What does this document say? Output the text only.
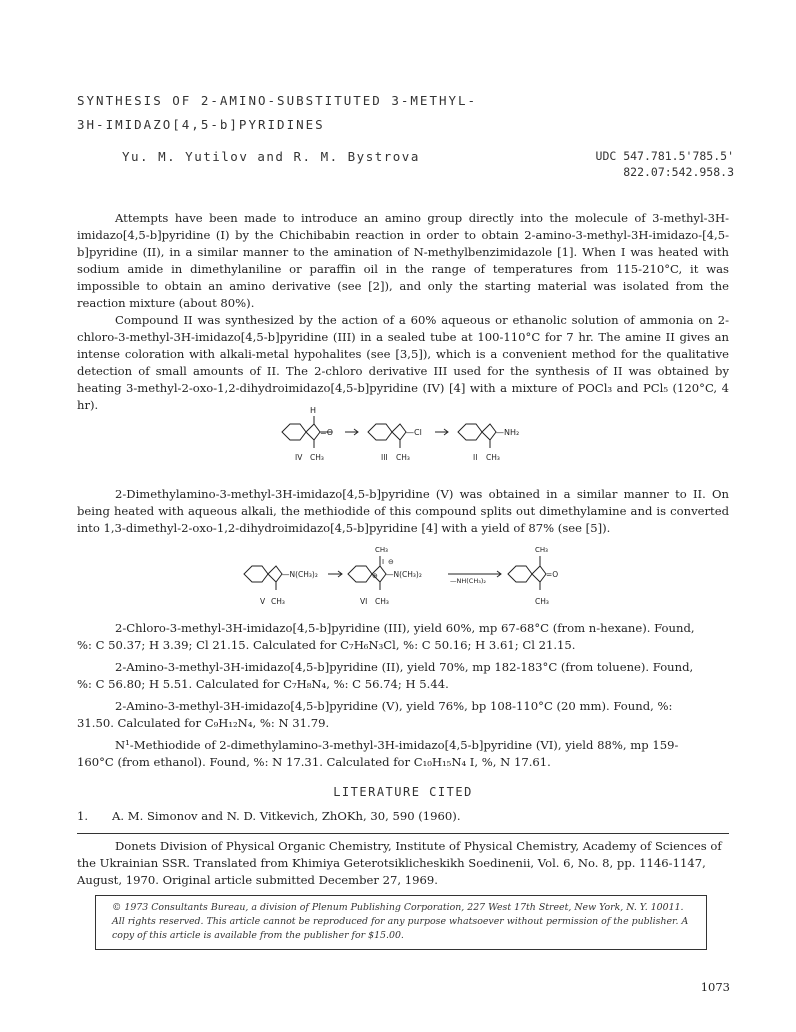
SYNTHESIS OF 2-AMINO-SUBSTITUTED 3-METHYL-
3H-IMIDAZO[4,5-b]PYRIDINES
Yu. M. Yutilov and R. M. Bystrova	UDC 547.781.5'785.5'
822.07:542.958.3

Attempts have been made to introduce an amino group directly into the molecule of 3-methyl-3H-imidazo[4,5-b]pyridine (I) by the Chichibabin reaction in order to obtain 2-amino-3-methyl-3H-imidazo-[4,5-b]pyridine (II), in a similar manner to the amination of N-methylbenzimidazole [1]. When I was heated with sodium amide in dimethylaniline or paraffin oil in the range of temperatures from 115-210°C, it was impossible to obtain an amino derivative (see [2]), and only the starting material was isolated from the reaction mixture (about 80%).

Compound II was synthesized by the action of a 60% aqueous or ethanolic solution of ammonia on 2-chloro-3-methyl-3H-imidazo[4,5-b]pyridine (III) in a sealed tube at 100-110°C for 7 hr. The amine II gives an intense coloration with alkali-metal hypohalites (see [3,5]), which is a convenient method for the qualitative detection of small amounts of II. The 2-chloro derivative III used for the synthesis of II was obtained by heating 3-methyl-2-oxo-1,2-dihydroimidazo[4,5-b]pyridine (IV) [4] with a mixture of POCl₃ and PCl₅ (120°C, 4 hr).	H
=O	—Cl	—NH₂
IV CH₃	III CH₃	II CH₃

2-Dimethylamino-3-methyl-3H-imidazo[4,5-b]pyridine (V) was obtained in a similar manner to II. On being heated with aqueous alkali, the methiodide of this compound splits out dimethylamine and is converted into 1,3-dimethyl-2-oxo-1,2-dihydroimidazo[4,5-b]pyridine [4] with a yield of 87% (see [5]).

—N(CH₃)₂	—N(CH₃)₂
CH₃
I ⊖
⊕
—NH(CH₃)₂
CH₃
=O
V CH₃	VI CH₃	CH₃
2-Chloro-3-methyl-3H-imidazo[4,5-b]pyridine (III), yield 60%, mp 67-68°C (from n-hexane). Found,
%: C 50.37; H 3.39; Cl 21.15. Calculated for C₇H₆N₃Cl, %: C 50.16; H 3.61; Cl 21.15.
2-Amino-3-methyl-3H-imidazo[4,5-b]pyridine (II), yield 70%, mp 182-183°C (from toluene). Found,
%: C 56.80; H 5.51. Calculated for C₇H₈N₄, %: C 56.74; H 5.44.
2-Amino-3-methyl-3H-imidazo[4,5-b]pyridine (V), yield 76%, bp 108-110°C (20 mm). Found, %:
31.50. Calculated for C₉H₁₂N₄, %: N 31.79.
N¹-Methiodide of 2-dimethylamino-3-methyl-3H-imidazo[4,5-b]pyridine (VI), yield 88%, mp 159-
160°C (from ethanol). Found, %: N 17.31. Calculated for C₁₀H₁₅N₄ I, %, N 17.61.
LITERATURE CITED
1. A. M. Simonov and N. D. Vitkevich, ZhOKh, 30, 590 (1960).

Donets Division of Physical Organic Chemistry, Institute of Physical Chemistry, Academy of Sciences of the Ukrainian SSR. Translated from Khimiya Geterotsiklicheskikh Soedinenii, Vol. 6, No. 8, pp. 1146-1147, August, 1970. Original article submitted December 27, 1969.

© 1973 Consultants Bureau, a division of Plenum Publishing Corporation, 227 West 17th Street, New York, N. Y. 10011. All rights reserved. This article cannot be reproduced for any purpose whatsoever without permission of the publisher. A copy of this article is available from the publisher for $15.00.
1073
